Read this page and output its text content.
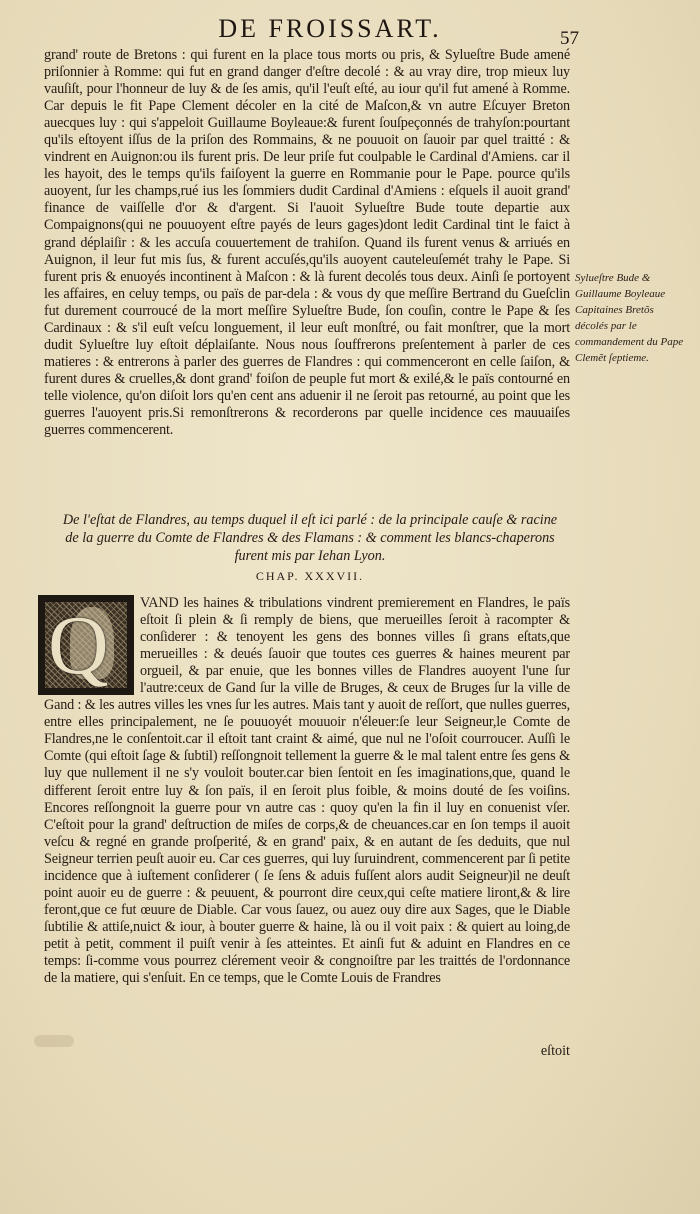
DE FROISSART.	57

grand' route de Bretons : qui furent en la place tous morts ou pris, & Sylueſtre Bude amené priſonnier à Romme: qui fut en grand danger d'eſtre decolé : & au vray dire, trop mieux luy vauſiſt, pour l'honneur de luy & de ſes amis, qu'il l'euſt eſté, au iour qu'il fut amené à Romme. Car depuis le fit Pape Clement décoler en la cité de Maſcon,& vn autre Eſcuyer Breton auecques luy : qui s'appeloit Guillaume Boyleaue:& furent ſouſpeçonnés de trahyſon:pourtant qu'ils eſtoyent iſſus de la priſon des Rommains, & ne pouuoit on ſauoir par quel traitté : & vindrent en Auignon:ou ils furent pris. De leur priſe fut coulpable le Cardinal d'Amiens. car il les hayoit, des le temps qu'ils faiſoyent la guerre en Rommanie pour le Pape. pource qu'ils auoyent, ſur les champs,rué ius les ſommiers dudit Cardinal d'Amiens : eſquels il auoit grand' finance de vaiſſelle d'or & d'argent. Si l'auoit Sylueſtre Bude toute departie aux Compaignons(qui ne pouuoyent eſtre payés de leurs gages)dont ledit Cardinal tint le faict à grand déplaiſir : & les accuſa couuertement de trahiſon. Quand ils furent venus & arriués en Auignon, il leur fut mis ſus, & furent accuſés,qu'ils auoyent cauteleuſemét trahy le Pape. Si furent pris & enuoyés incontinent à Maſcon : & là furent decolés tous deux. Ainſi ſe portoyent les affaires, en celuy temps, ou païs de par-dela : & vous dy que meſſire Bertrand du Gueſclin fut durement courroucé de la mort meſſire Sylueſtre Bude, ſon couſin, contre le Pape & ſes Cardinaux : & s'il euſt veſcu longuement, il leur euſt monſtré, ou fait monſtrer, que la mort dudit Sylueſtre luy eſtoit déplaiſante. Nous nous ſouffrerons preſentement à parler de ces matieres : & entrerons à parler des guerres de Flandres : qui commenceront en celle ſaiſon, & furent dures & cruelles,& dont grand' foiſon de peuple fut mort & exilé,& le païs contourné en telle violence, qu'on diſoit lors qu'en cent ans aduenir il ne ſeroit pas retourné, au point que les guerres l'auoyent pris.Si remonſtrerons & recorderons par quelle incidence ces mauuaiſes guerres commencerent.

Sylueſtre Bude & Guillaume Boyleaue Capitaines Bretõs décolés par le commandement du Pape Clemẽt ſeptieme.
De l'eſtat de Flandres, au temps duquel il eſt ici parlé : de la principale cauſe & racine de la guerre du Comte de Flandres & des Flamans : & comment les blancs-chaperons furent mis par Iehan Lyon.
CHAP. XXXVII.
Q	VAND les haines & tribulations vindrent premierement en Flandres, le païs eſtoit ſi plein & ſi remply de biens, que merueilles ſeroit à racompter & conſiderer : & tenoyent les gens des bonnes villes ſi grans eſtats,que merueilles : & deués ſauoir que toutes ces guerres & haines meurent par orgueil, & par enuie, que les bonnes villes de Flandres auoyent l'une ſur l'autre:ceux de Gand ſur la ville de Bruges, & ceux de Bruges ſur la ville de Gand : & les autres villes les vnes ſur les autres. Mais tant y auoit de reſſort, que nulles guerres, entre elles principalement, ne ſe pouuoyét mouuoir n'éleuer:ſe leur Seigneur,le Comte de Flandres,ne le conſentoit.car il eſtoit tant craint & aimé, que nul ne l'oſoit courroucer. Auſſi le Comte (qui eſtoit ſage & ſubtil) reſſongnoit tellement la guerre & le mal talent entre ſes gens & luy que nullement il ne s'y vouloit bouter.car bien ſentoit en ſes imaginations,que, quand le different ſeroit entre luy & ſon païs, il en ſeroit plus foible, & moins douté de ſes voiſins. Encores reſſongnoit la guerre pour vn autre cas : quoy qu'en la fin il luy en conuenist vſer. C'eſtoit pour la grand' deſtruction de miſes de corps,& de cheuances.car en ſon temps il auoit veſcu & regné en grande proſperité, & en grand' paix, & en autant de ſes deduits, que nul Seigneur terrien peuſt auoir eu. Car ces guerres, qui luy ſuruindrent, commencerent par ſi petite incidence que à iuſtement conſiderer ( ſe ſens & aduis fuſſent alors audit Seigneur)il ne deuſt point auoir eu de guerre : & peuuent, & pourront dire ceux,qui ceſte matiere liront,& & lire feront,que ce fut œuure de Diable. Car vous ſauez, ou auez ouy dire aux Sages, que le Diable ſubtilie & attiſe,nuict & iour, à bouter guerre & haine, là ou il voit paix : & quiert au loing,de petit à petit, comment il puiſt venir à ſes atteintes. Et ainſi fut & aduint en Flandres en ce temps: ſi-comme vous pourrez clérement veoir & congnoiſtre par les traittés de l'ordonnance de la matiere, qui s'enſuit. En ce temps, que le Comte Louis de Frandres

eſtoit
